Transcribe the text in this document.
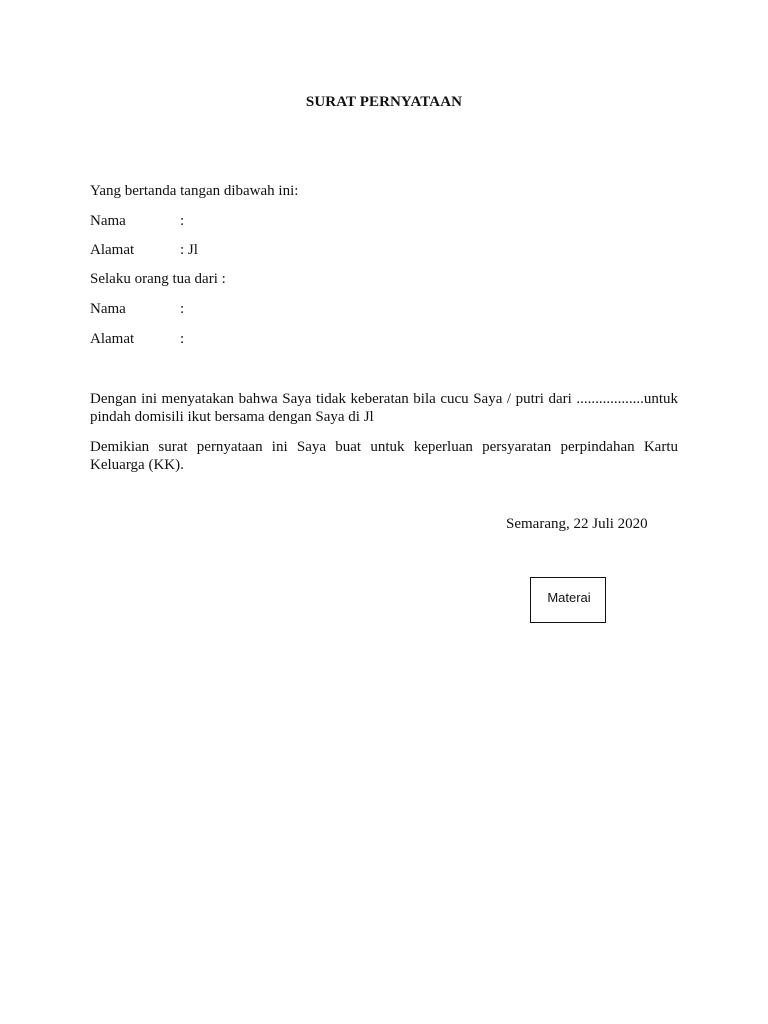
SURAT PERNYATAAN
Yang bertanda tangan dibawah ini:
Nama	:
Alamat	: Jl
Selaku orang tua dari :
Nama	:
Alamat	:
Dengan ini menyatakan bahwa Saya tidak keberatan bila cucu Saya / putri dari ..................untuk pindah domisili ikut bersama dengan Saya di Jl
Demikian surat pernyataan ini Saya buat untuk keperluan persyaratan perpindahan Kartu Keluarga (KK).
Semarang, 22 Juli 2020
Materai
